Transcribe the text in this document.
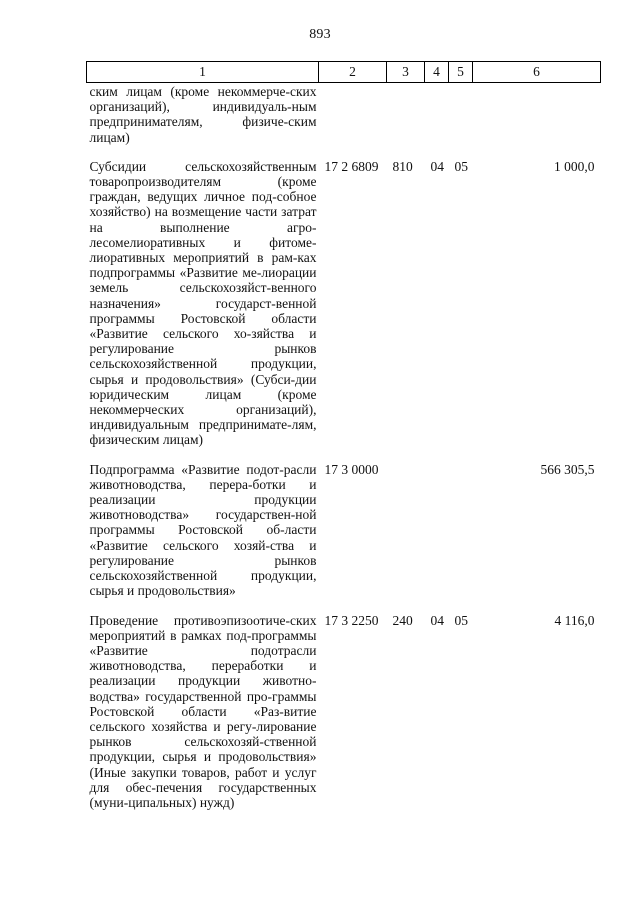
893
1	2	3	4	5	6
ским лицам (кроме некоммерче-ских организаций), индивидуаль-ным предпринимателям, физиче-ским лицам)					
Субсидии сельскохозяйственным товаропроизводителям (кроме граждан, ведущих личное под-собное хозяйство) на возмещение части затрат на выполнение агро-лесомелиоративных и фитоме-лиоративных мероприятий в рам-ках подпрограммы «Развитие ме-лиорации земель сельскохозяйст-венного назначения» государст-венной программы Ростовской области «Развитие сельского хо-зяйства и регулирование рынков сельскохозяйственной продукции, сырья и продовольствия» (Субси-дии юридическим лицам (кроме некоммерческих организаций), индивидуальным предпринимате-лям, физическим лицам)	17 2 6809	810	04	05	1 000,0
Подпрограмма «Развитие подот-расли животноводства, перера-ботки и реализации продукции животноводства» государствен-ной программы Ростовской об-ласти «Развитие сельского хозяй-ства и регулирование рынков сельскохозяйственной продукции, сырья и продовольствия»	17 3 0000				566 305,5
Проведение противоэпизоотиче-ских мероприятий в рамках под-программы «Развитие подотрасли животноводства, переработки и реализации продукции животно-водства» государственной про-граммы Ростовской области «Раз-витие сельского хозяйства и регу-лирование рынков сельскохозяй-ственной продукции, сырья и продовольствия» (Иные закупки товаров, работ и услуг для обес-печения государственных (муни-ципальных) нужд)	17 3 2250	240	04	05	4 116,0
